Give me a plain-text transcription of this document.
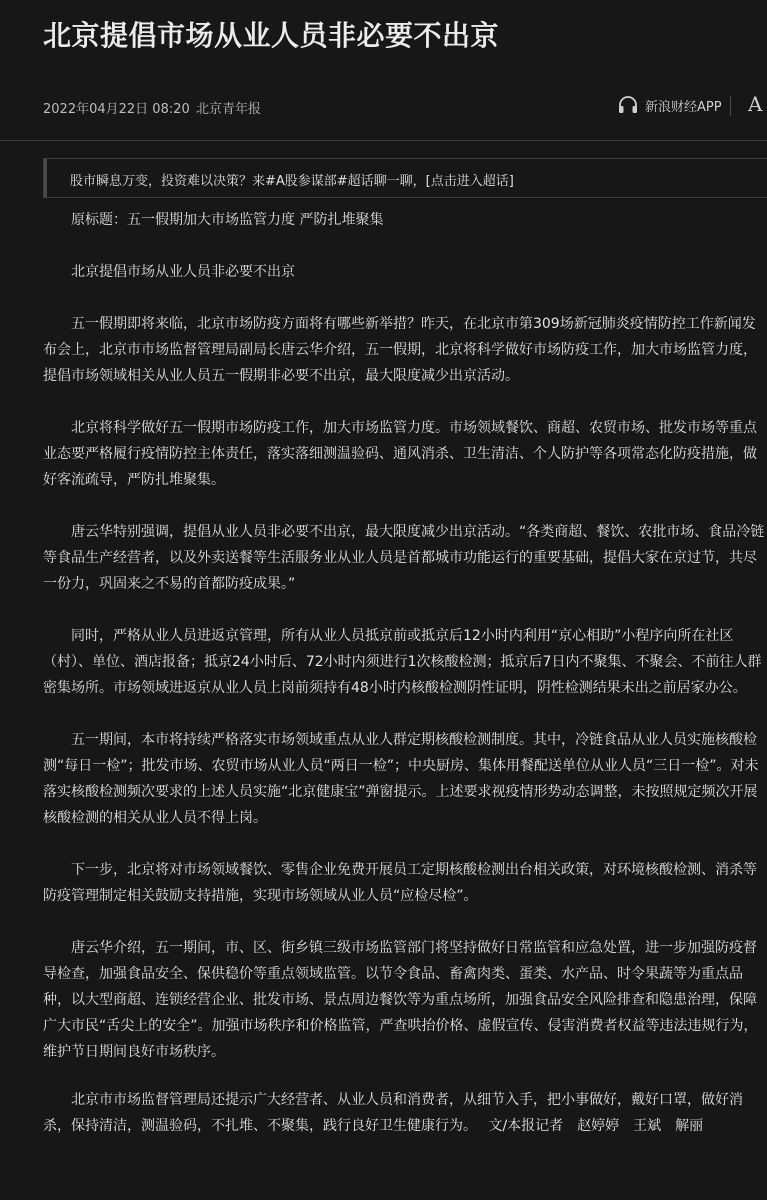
北京提倡市场从业人员非必要不出京
2022年04月22日 08:20 北京青年报	新浪财经APP A
股市瞬息万变，投资难以决策？来#A股参谋部#超话聊一聊，[点击进入超话]

原标题：五一假期加大市场监管力度 严防扎堆聚集

北京提倡市场从业人员非必要不出京

五一假期即将来临，北京市场防疫方面将有哪些新举措？昨天，在北京市第309场新冠肺炎疫情防控工作新闻发布会上，北京市市场监督管理局副局长唐云华介绍，五一假期，北京将科学做好市场防疫工作，加大市场监管力度，提倡市场领域相关从业人员五一假期非必要不出京，最大限度减少出京活动。

北京将科学做好五一假期市场防疫工作，加大市场监管力度。市场领域餐饮、商超、农贸市场、批发市场等重点业态要严格履行疫情防控主体责任，落实落细测温验码、通风消杀、卫生清洁、个人防护等各项常态化防疫措施，做好客流疏导，严防扎堆聚集。

唐云华特别强调，提倡从业人员非必要不出京，最大限度减少出京活动。“各类商超、餐饮、农批市场、食品冷链等食品生产经营者，以及外卖送餐等生活服务业从业人员是首都城市功能运行的重要基础，提倡大家在京过节，共尽一份力，巩固来之不易的首都防疫成果。”

同时，严格从业人员进返京管理，所有从业人员抵京前或抵京后12小时内利用“京心相助”小程序向所在社区（村）、单位、酒店报备；抵京24小时后、72小时内须进行1次核酸检测；抵京后7日内不聚集、不聚会、不前往人群密集场所。市场领域进返京从业人员上岗前须持有48小时内核酸检测阴性证明，阴性检测结果未出之前居家办公。

五一期间，本市将持续严格落实市场领域重点从业人群定期核酸检测制度。其中，冷链食品从业人员实施核酸检测“每日一检”；批发市场、农贸市场从业人员“两日一检”；中央厨房、集体用餐配送单位从业人员“三日一检”。对未落实核酸检测频次要求的上述人员实施“北京健康宝”弹窗提示。上述要求视疫情形势动态调整，未按照规定频次开展核酸检测的相关从业人员不得上岗。

下一步，北京将对市场领域餐饮、零售企业免费开展员工定期核酸检测出台相关政策，对环境核酸检测、消杀等防疫管理制定相关鼓励支持措施，实现市场领域从业人员“应检尽检”。

唐云华介绍，五一期间，市、区、街乡镇三级市场监管部门将坚持做好日常监管和应急处置，进一步加强防疫督导检查，加强食品安全、保供稳价等重点领域监管。以节令食品、畜禽肉类、蛋类、水产品、时令果蔬等为重点品种，以大型商超、连锁经营企业、批发市场、景点周边餐饮等为重点场所，加强食品安全风险排查和隐患治理，保障广大市民“舌尖上的安全”。加强市场秩序和价格监管，严查哄抬价格、虚假宣传、侵害消费者权益等违法违规行为，维护节日期间良好市场秩序。

北京市市场监督管理局还提示广大经营者、从业人员和消费者，从细节入手，把小事做好，戴好口罩，做好消杀，保持清洁，测温验码，不扎堆、不聚集，践行良好卫生健康行为。　 文/本报记者　赵婷婷　王斌　解丽
